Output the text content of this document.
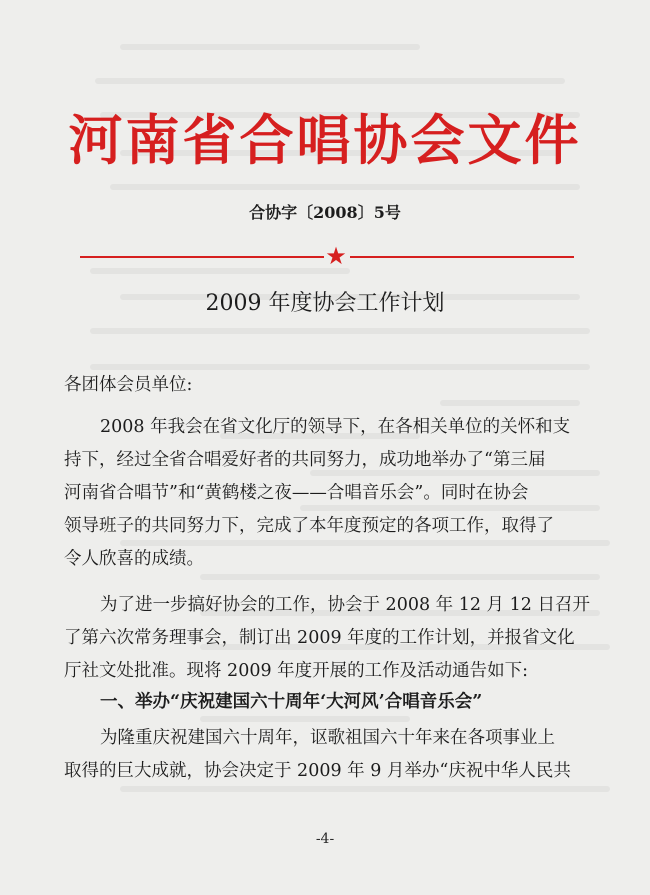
河南省合唱协会文件
合协字〔2008〕5号
★
2009 年度协会工作计划

各团体会员单位:

2008 年我会在省文化厅的领导下，在各相关单位的关怀和支
持下，经过全省合唱爱好者的共同努力，成功地举办了“第三届
河南省合唱节”和“黄鹤楼之夜——合唱音乐会”。同时在协会
领导班子的共同努力下，完成了本年度预定的各项工作，取得了
令人欣喜的成绩。

为了进一步搞好协会的工作，协会于 2008 年 12 月 12 日召开
了第六次常务理事会，制订出 2009 年度的工作计划，并报省文化
厅社文处批准。现将 2009 年度开展的工作及活动通告如下:

一、举办“庆祝建国六十周年‘大河风’合唱音乐会”

为隆重庆祝建国六十周年，讴歌祖国六十年来在各项事业上
取得的巨大成就，协会决定于 2009 年 9 月举办“庆祝中华人民共

-4-
